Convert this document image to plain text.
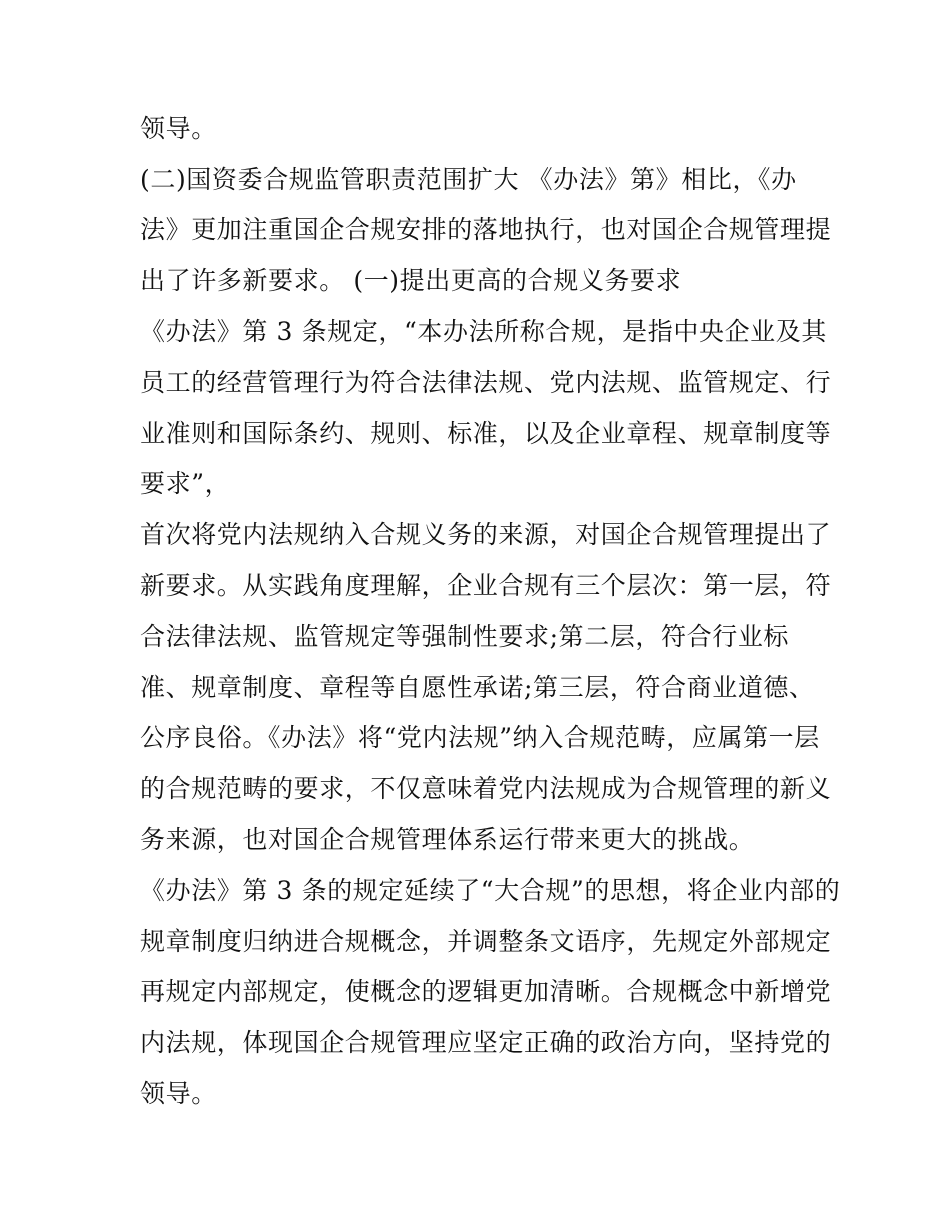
领导。
(二)国资委合规监管职责范围扩大 《办法》第》相比，《办
法》更加注重国企合规安排的落地执行，也对国企合规管理提
出了许多新要求。 (一)提出更高的合规义务要求
《办法》第 3 条规定，“本办法所称合规，是指中央企业及其
员工的经营管理行为符合法律法规、党内法规、监管规定、行
业准则和国际条约、规则、标准，以及企业章程、规章制度等
要求”，
首次将党内法规纳入合规义务的来源，对国企合规管理提出了
新要求。从实践角度理解，企业合规有三个层次：第一层，符
合法律法规、监管规定等强制性要求;第二层，符合行业标
准、规章制度、章程等自愿性承诺;第三层，符合商业道德、
公序良俗。《办法》将“党内法规”纳入合规范畴，应属第一层
的合规范畴的要求，不仅意味着党内法规成为合规管理的新义
务来源，也对国企合规管理体系运行带来更大的挑战。
《办法》第 3 条的规定延续了“大合规”的思想，将企业内部的
规章制度归纳进合规概念，并调整条文语序，先规定外部规定
再规定内部规定，使概念的逻辑更加清晰。合规概念中新增党
内法规，体现国企合规管理应坚定正确的政治方向，坚持党的
领导。
